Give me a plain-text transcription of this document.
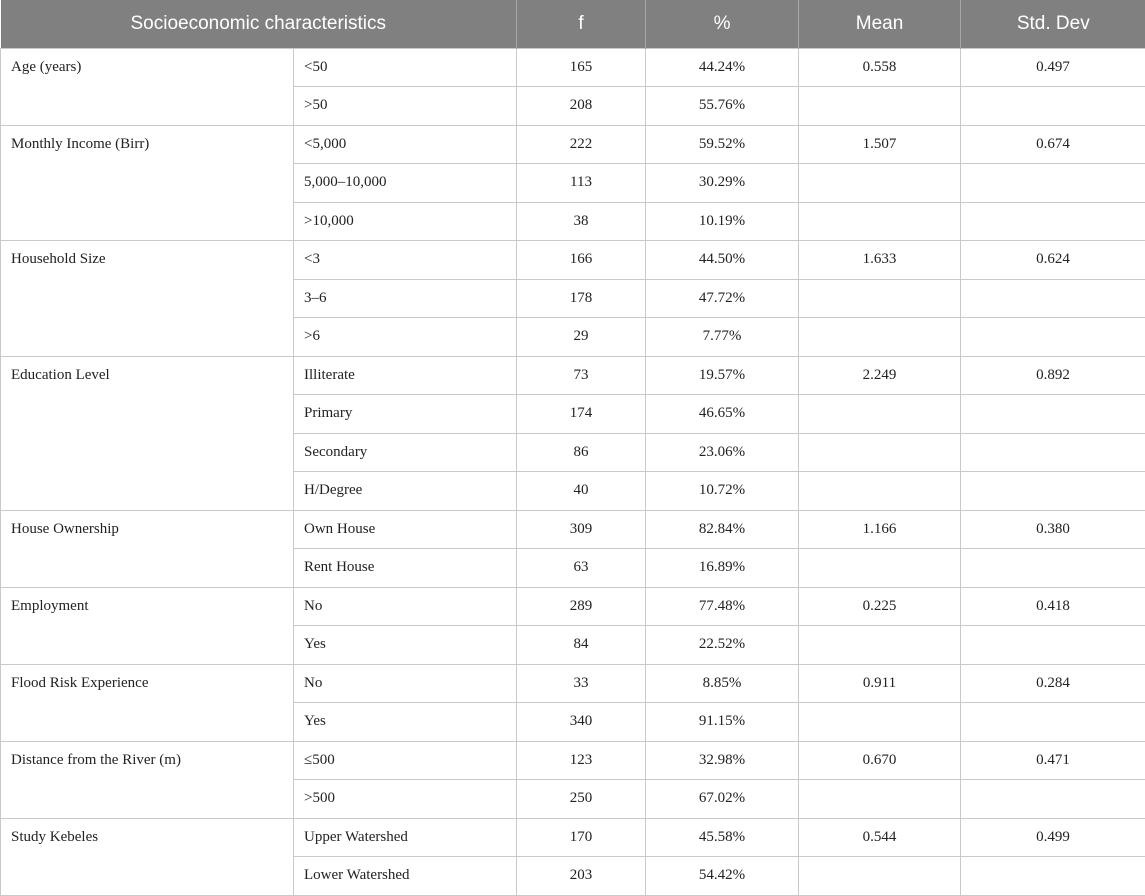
Socioeconomic characteristics		f	%	Mean	Std. Dev
Age (years)	<50	165	44.24%	0.558	0.497
	>50	208	55.76%		
Monthly Income (Birr)	<5,000	222	59.52%	1.507	0.674
	5,000–10,000	113	30.29%		
	>10,000	38	10.19%		
Household Size	<3	166	44.50%	1.633	0.624
	3–6	178	47.72%		
	>6	29	7.77%		
Education Level	Illiterate	73	19.57%	2.249	0.892
	Primary	174	46.65%		
	Secondary	86	23.06%		
	H/Degree	40	10.72%		
House Ownership	Own House	309	82.84%	1.166	0.380
	Rent House	63	16.89%		
Employment	No	289	77.48%	0.225	0.418
	Yes	84	22.52%		
Flood Risk Experience	No	33	8.85%	0.911	0.284
	Yes	340	91.15%		
Distance from the River (m)	≤500	123	32.98%	0.670	0.471
	>500	250	67.02%		
Study Kebeles	Upper Watershed	170	45.58%	0.544	0.499
	Lower Watershed	203	54.42%		
